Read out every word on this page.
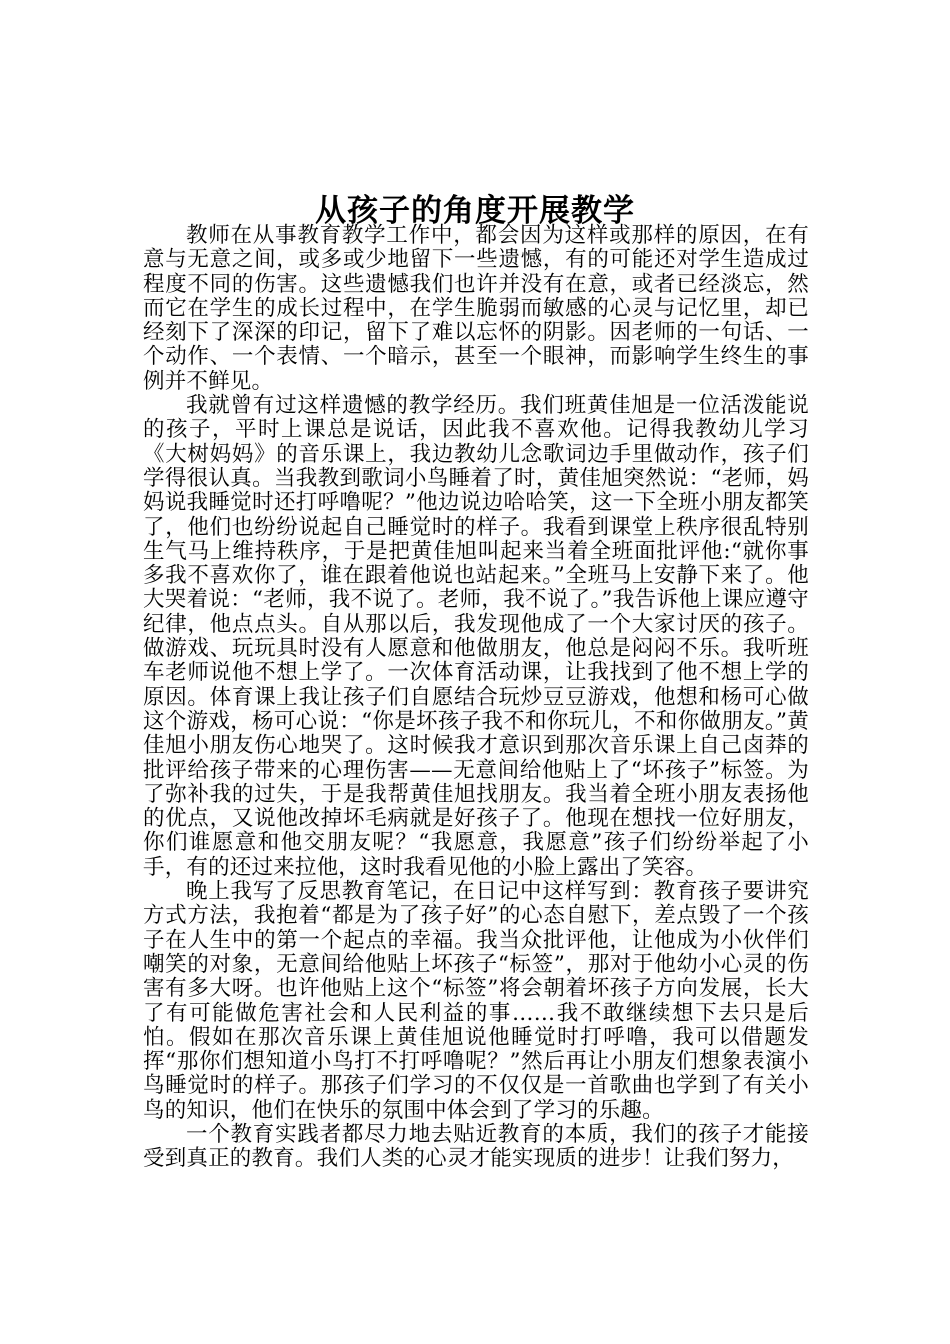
从孩子的角度开展教学

教师在从事教育教学工作中，都会因为这样或那样的原因，在有意与无意之间，或多或少地留下一些遗憾，有的可能还对学生造成过程度不同的伤害。这些遗憾我们也许并没有在意，或者已经淡忘，然而它在学生的成长过程中，在学生脆弱而敏感的心灵与记忆里，却已经刻下了深深的印记，留下了难以忘怀的阴影。因老师的一句话、一个动作、一个表情、一个暗示，甚至一个眼神，而影响学生终生的事例并不鲜见。

我就曾有过这样遗憾的教学经历。我们班黄佳旭是一位活泼能说的孩子，平时上课总是说话，因此我不喜欢他。记得我教幼儿学习《大树妈妈》的音乐课上，我边教幼儿念歌词边手里做动作，孩子们学得很认真。当我教到歌词小鸟睡着了时，黄佳旭突然说：“老师，妈妈说我睡觉时还打呼噜呢？”他边说边哈哈笑，这一下全班小朋友都笑了，他们也纷纷说起自己睡觉时的样子。我看到课堂上秩序很乱特别生气马上维持秩序，于是把黄佳旭叫起来当着全班面批评他:“就你事多我不喜欢你了，谁在跟着他说也站起来。”全班马上安静下来了。他大哭着说：“老师，我不说了。老师，我不说了。”我告诉他上课应遵守纪律，他点点头。自从那以后，我发现他成了一个大家讨厌的孩子。做游戏、玩玩具时没有人愿意和他做朋友，他总是闷闷不乐。我听班车老师说他不想上学了。一次体育活动课，让我找到了他不想上学的原因。体育课上我让孩子们自愿结合玩炒豆豆游戏，他想和杨可心做这个游戏，杨可心说：“你是坏孩子我不和你玩儿，不和你做朋友。”黄佳旭小朋友伤心地哭了。这时候我才意识到那次音乐课上自己卤莽的批评给孩子带来的心理伤害——无意间给他贴上了“坏孩子”标签。为了弥补我的过失，于是我帮黄佳旭找朋友。我当着全班小朋友表扬他的优点，又说他改掉坏毛病就是好孩子了。他现在想找一位好朋友，你们谁愿意和他交朋友呢？“我愿意，我愿意”孩子们纷纷举起了小手，有的还过来拉他，这时我看见他的小脸上露出了笑容。

晚上我写了反思教育笔记，在日记中这样写到：教育孩子要讲究方式方法，我抱着“都是为了孩子好”的心态自慰下，差点毁了一个孩子在人生中的第一个起点的幸福。我当众批评他，让他成为小伙伴们嘲笑的对象，无意间给他贴上坏孩子“标签”，那对于他幼小心灵的伤害有多大呀。也许他贴上这个“标签”将会朝着坏孩子方向发展，长大了有可能做危害社会和人民利益的事……我不敢继续想下去只是后怕。假如在那次音乐课上黄佳旭说他睡觉时打呼噜，我可以借题发挥“那你们想知道小鸟打不打呼噜呢？”然后再让小朋友们想象表演小鸟睡觉时的样子。那孩子们学习的不仅仅是一首歌曲也学到了有关小鸟的知识，他们在快乐的氛围中体会到了学习的乐趣。

一个教育实践者都尽力地去贴近教育的本质，我们的孩子才能接受到真正的教育。我们人类的心灵才能实现质的进步！让我们努力，
